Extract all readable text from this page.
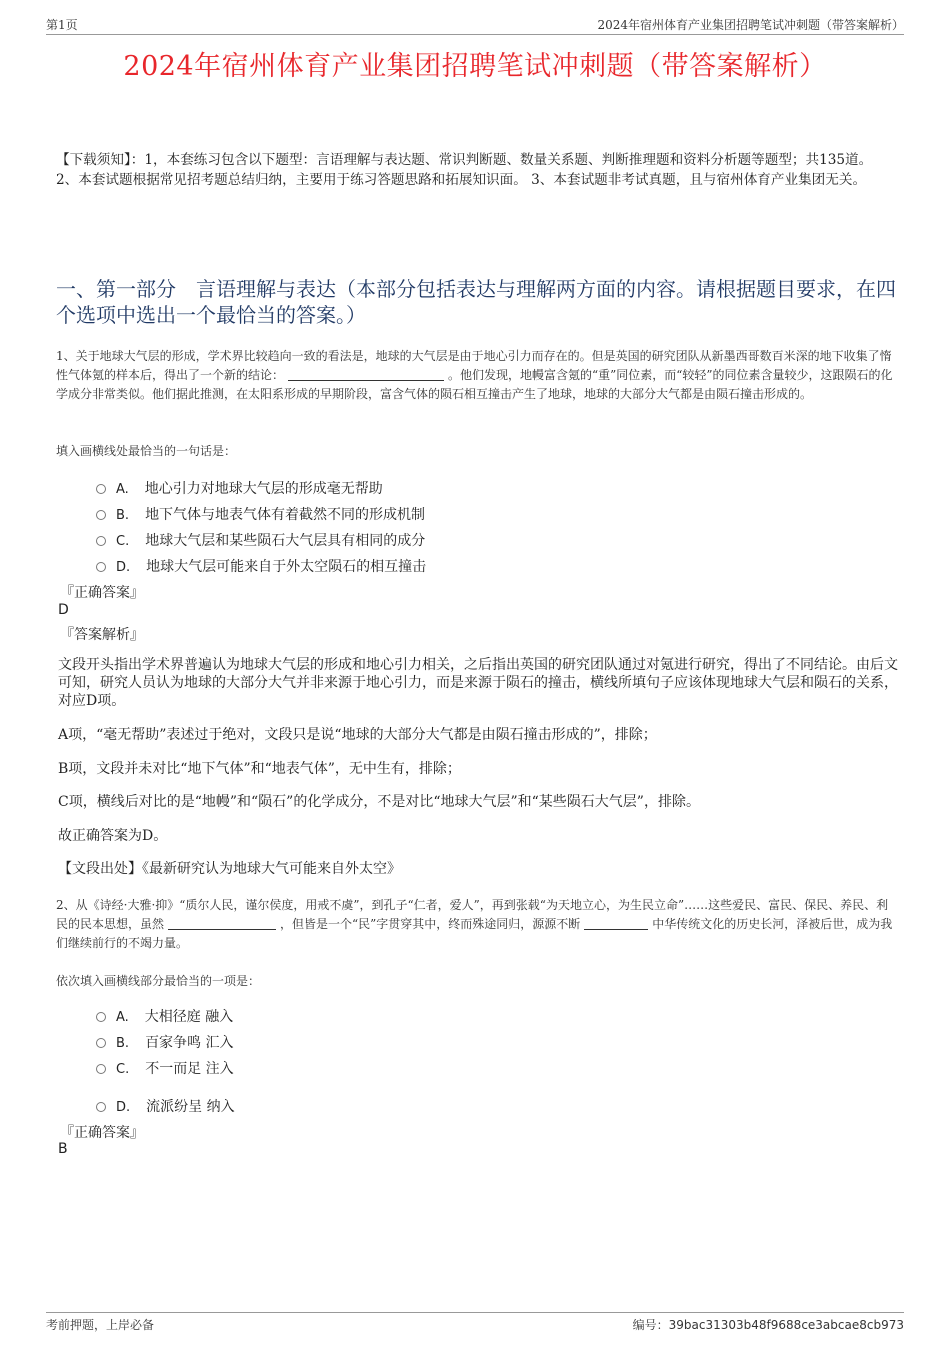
第1页	2024年宿州体育产业集团招聘笔试冲刺题（带答案解析）
2024年宿州体育产业集团招聘笔试冲刺题（带答案解析）
【下载须知】：1，本套练习包含以下题型：言语理解与表达题、常识判断题、数量关系题、判断推理题和资料分析题等题型；共135道。 2、本套试题根据常见招考题总结归纳，主要用于练习答题思路和拓展知识面。 3、本套试题非考试真题，且与宿州体育产业集团无关。
一、第一部分　言语理解与表达（本部分包括表达与理解两方面的内容。请根据题目要求，在四个选项中选出一个最恰当的答案。）
1、关于地球大气层的形成，学术界比较趋向一致的看法是，地球的大气层是由于地心引力而存在的。但是英国的研究团队从新墨西哥数百米深的地下收集了惰性气体氪的样本后，得出了一个新的结论：	。他们发现，地幔富含氪的“重”同位素，而“较轻”的同位素含量较少，这跟陨石的化学成分非常类似。他们据此推测，在太阳系形成的早期阶段，富含气体的陨石相互撞击产生了地球，地球的大部分大气都是由陨石撞击形成的。
填入画横线处最恰当的一句话是：
A. 地心引力对地球大气层的形成毫无帮助
B. 地下气体与地表气体有着截然不同的形成机制
C. 地球大气层和某些陨石大气层具有相同的成分
D. 地球大气层可能来自于外太空陨石的相互撞击
『正确答案』
D
『答案解析』
文段开头指出学术界普遍认为地球大气层的形成和地心引力相关，之后指出英国的研究团队通过对氪进行研究，得出了不同结论。由后文可知，研究人员认为地球的大部分大气并非来源于地心引力，而是来源于陨石的撞击，横线所填句子应该体现地球大气层和陨石的关系，对应D项。
A项，“毫无帮助”表述过于绝对，文段只是说“地球的大部分大气都是由陨石撞击形成的”，排除；
B项，文段并未对比“地下气体”和“地表气体”，无中生有，排除；
C项，横线后对比的是“地幔”和“陨石”的化学成分，不是对比“地球大气层”和“某些陨石大气层”，排除。
故正确答案为D。
【文段出处】《最新研究认为地球大气可能来自外太空》
2、从《诗经·大雅·抑》“质尔人民，谨尔侯度，用戒不虞”，到孔子“仁者，爱人”，再到张载“为天地立心，为生民立命”……这些爱民、富民、保民、养民、利民的民本思想，虽然	，但皆是一个“民”字贯穿其中，终而殊途同归，源源不断	中华传统文化的历史长河，泽被后世，成为我们继续前行的不竭力量。
依次填入画横线部分最恰当的一项是：
A. 大相径庭 融入
B. 百家争鸣 汇入
C. 不一而足 注入
D. 流派纷呈 纳入
『正确答案』
B
考前押题，上岸必备	编号：39bac31303b48f9688ce3abcae8cb973
